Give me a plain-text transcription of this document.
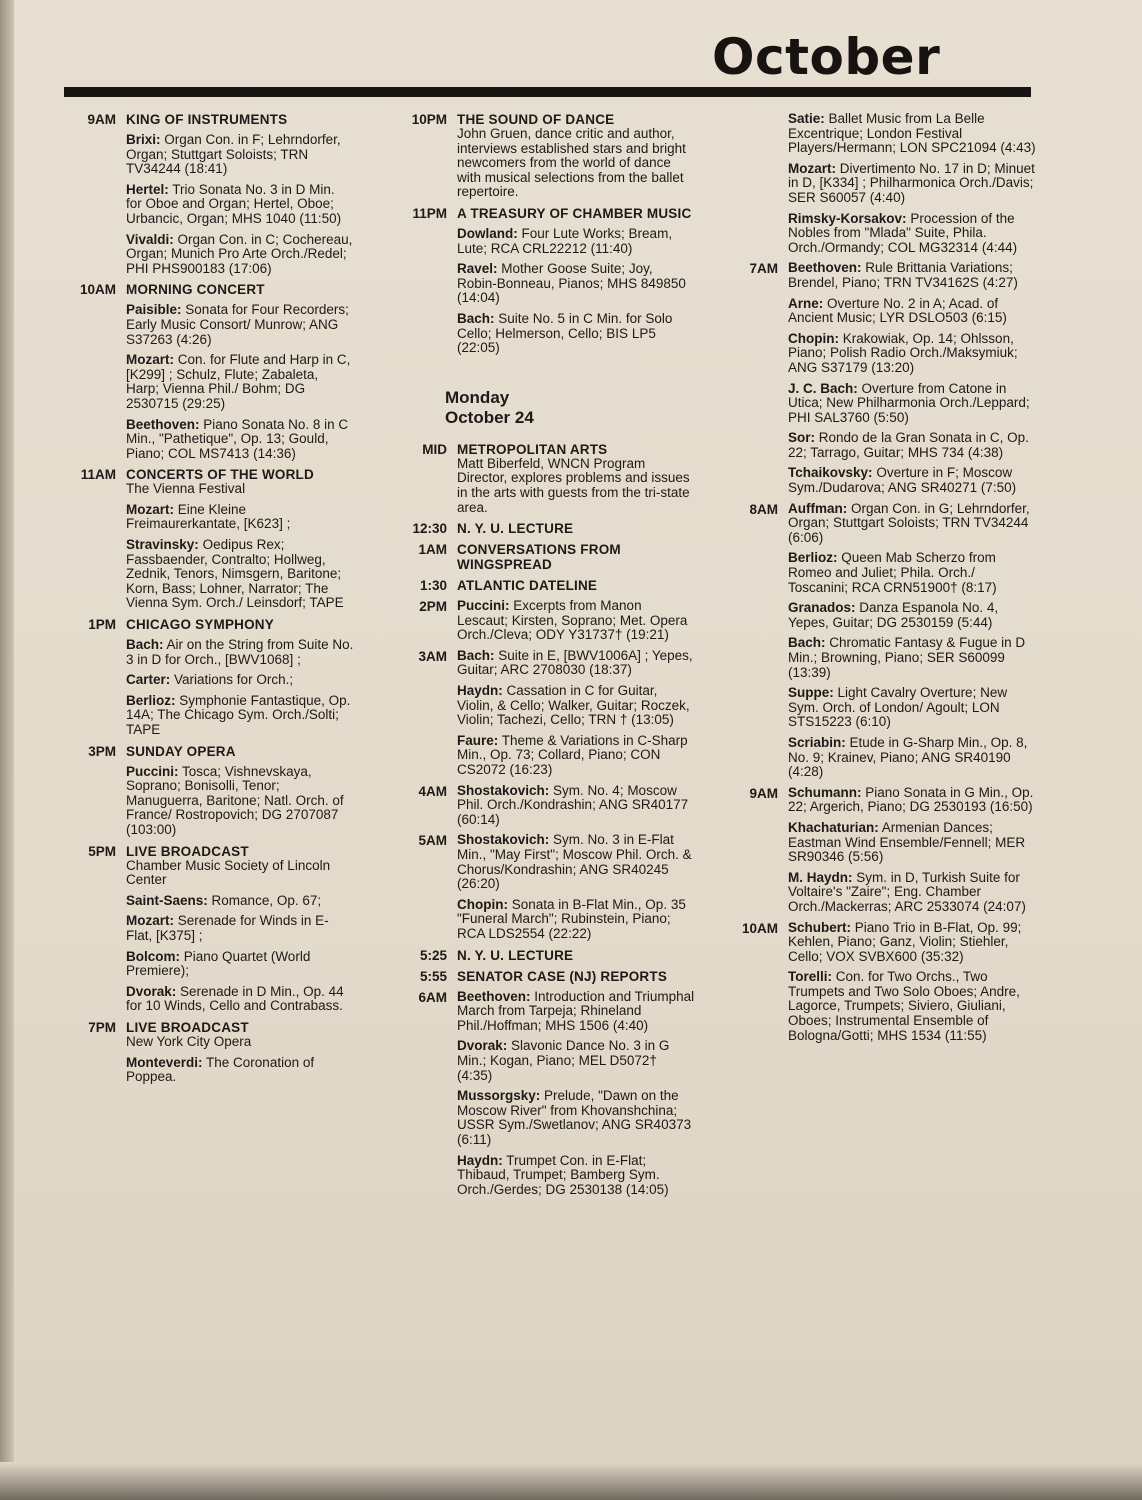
October
9AM KING OF INSTRUMENTS
Brixi: Organ Con. in F; Lehrndorfer, Organ; Stuttgart Soloists; TRN TV34244 (18:41)
Hertel: Trio Sonata No. 3 in D Min. for Oboe and Organ; Hertel, Oboe; Urbancic, Organ; MHS 1040 (11:50)
Vivaldi: Organ Con. in C; Cochereau, Organ; Munich Pro Arte Orch./Redel; PHI PHS900183 (17:06)
10AM MORNING CONCERT
Paisible: Sonata for Four Recorders; Early Music Consort/ Munrow; ANG S37263 (4:26)
Mozart: Con. for Flute and Harp in C, [K299] ; Schulz, Flute; Zabaleta, Harp; Vienna Phil./ Bohm; DG 2530715 (29:25)
Beethoven: Piano Sonata No. 8 in C Min., "Pathetique", Op. 13; Gould, Piano; COL MS7413 (14:36)
11AM CONCERTS OF THE WORLD
The Vienna Festival
Mozart: Eine Kleine Freimaurerkantate, [K623] ;
Stravinsky: Oedipus Rex; Fassbaender, Contralto; Hollweg, Zednik, Tenors, Nimsgern, Baritone; Korn, Bass; Lohner, Narrator; The Vienna Sym. Orch./ Leinsdorf; TAPE
1PM CHICAGO SYMPHONY
Bach: Air on the String from Suite No. 3 in D for Orch., [BWV1068] ;
Carter: Variations for Orch.;
Berlioz: Symphonie Fantastique, Op. 14A; The Chicago Sym. Orch./Solti; TAPE
3PM SUNDAY OPERA
Puccini: Tosca; Vishnevskaya, Soprano; Bonisolli, Tenor; Manuguerra, Baritone; Natl. Orch. of France/ Rostropovich; DG 2707087 (103:00)
5PM LIVE BROADCAST
Chamber Music Society of Lincoln Center
Saint-Saens: Romance, Op. 67;
Mozart: Serenade for Winds in E-Flat, [K375] ;
Bolcom: Piano Quartet (World Premiere);
Dvorak: Serenade in D Min., Op. 44 for 10 Winds, Cello and Contrabass.
7PM LIVE BROADCAST
New York City Opera
Monteverdi: The Coronation of Poppea.
10PM THE SOUND OF DANCE
John Gruen, dance critic and author, interviews established stars and bright newcomers from the world of dance with musical selections from the ballet repertoire.
11PM A TREASURY OF CHAMBER MUSIC
Dowland: Four Lute Works; Bream, Lute; RCA CRL22212 (11:40)
Ravel: Mother Goose Suite; Joy, Robin-Bonneau, Pianos; MHS 849850 (14:04)
Bach: Suite No. 5 in C Min. for Solo Cello; Helmerson, Cello; BIS LP5 (22:05)
Monday
October 24
MID METROPOLITAN ARTS
Matt Biberfeld, WNCN Program Director, explores problems and issues in the arts with guests from the tri-state area.
12:30 N. Y. U. LECTURE
1AM CONVERSATIONS FROM WINGSPREAD
1:30 ATLANTIC DATELINE
2PM Puccini: Excerpts from Manon Lescaut; Kirsten, Soprano; Met. Opera Orch./Cleva; ODY Y31737† (19:21)
3AM Bach: Suite in E, [BWV1006A] ; Yepes, Guitar; ARC 2708030 (18:37)
Haydn: Cassation in C for Guitar, Violin, & Cello; Walker, Guitar; Roczek, Violin; Tachezi, Cello; TRN † (13:05)
Faure: Theme & Variations in C-Sharp Min., Op. 73; Collard, Piano; CON CS2072 (16:23)
4AM Shostakovich: Sym. No. 4; Moscow Phil. Orch./Kondrashin; ANG SR40177 (60:14)
5AM Shostakovich: Sym. No. 3 in E-Flat Min., "May First"; Moscow Phil. Orch. & Chorus/Kondrashin; ANG SR40245 (26:20)
Chopin: Sonata in B-Flat Min., Op. 35 "Funeral March"; Rubinstein, Piano; RCA LDS2554 (22:22)
5:25 N. Y. U. LECTURE
5:55 SENATOR CASE (NJ) REPORTS
6AM Beethoven: Introduction and Triumphal March from Tarpeja; Rhineland Phil./Hoffman; MHS 1506 (4:40)
Dvorak: Slavonic Dance No. 3 in G Min.; Kogan, Piano; MEL D5072† (4:35)
Mussorgsky: Prelude, "Dawn on the Moscow River" from Khovanshchina; USSR Sym./Swetlanov; ANG SR40373 (6:11)
Haydn: Trumpet Con. in E-Flat; Thibaud, Trumpet; Bamberg Sym. Orch./Gerdes; DG 2530138 (14:05)
Satie: Ballet Music from La Belle Excentrique; London Festival Players/Hermann; LON SPC21094 (4:43)
Mozart: Divertimento No. 17 in D; Minuet in D, [K334] ; Philharmonica Orch./Davis; SER S60057 (4:40)
Rimsky-Korsakov: Procession of the Nobles from "Mlada" Suite, Phila. Orch./Ormandy; COL MG32314 (4:44)
7AM Beethoven: Rule Brittania Variations; Brendel, Piano; TRN TV34162S (4:27)
Arne: Overture No. 2 in A; Acad. of Ancient Music; LYR DSLO503 (6:15)
Chopin: Krakowiak, Op. 14; Ohlsson, Piano; Polish Radio Orch./Maksymiuk; ANG S37179 (13:20)
J. C. Bach: Overture from Catone in Utica; New Philharmonia Orch./Leppard; PHI SAL3760 (5:50)
Sor: Rondo de la Gran Sonata in C, Op. 22; Tarrago, Guitar; MHS 734 (4:38)
Tchaikovsky: Overture in F; Moscow Sym./Dudarova; ANG SR40271 (7:50)
8AM Auffman: Organ Con. in G; Lehrndorfer, Organ; Stuttgart Soloists; TRN TV34244 (6:06)
Berlioz: Queen Mab Scherzo from Romeo and Juliet; Phila. Orch./ Toscanini; RCA CRN51900† (8:17)
Granados: Danza Espanola No. 4, Yepes, Guitar; DG 2530159 (5:44)
Bach: Chromatic Fantasy & Fugue in D Min.; Browning, Piano; SER S60099 (13:39)
Suppe: Light Cavalry Overture; New Sym. Orch. of London/ Agoult; LON STS15223 (6:10)
Scriabin: Etude in G-Sharp Min., Op. 8, No. 9; Krainev, Piano; ANG SR40190 (4:28)
9AM Schumann: Piano Sonata in G Min., Op. 22; Argerich, Piano; DG 2530193 (16:50)
Khachaturian: Armenian Dances; Eastman Wind Ensemble/Fennell; MER SR90346 (5:56)
M. Haydn: Sym. in D, Turkish Suite for Voltaire's "Zaire"; Eng. Chamber Orch./Mackerras; ARC 2533074 (24:07)
10AM Schubert: Piano Trio in B-Flat, Op. 99; Kehlen, Piano; Ganz, Violin; Stiehler, Cello; VOX SVBX600 (35:32)
Torelli: Con. for Two Orchs., Two Trumpets and Two Solo Oboes; Andre, Lagorce, Trumpets; Siviero, Giuliani, Oboes; Instrumental Ensemble of Bologna/Gotti; MHS 1534 (11:55)
